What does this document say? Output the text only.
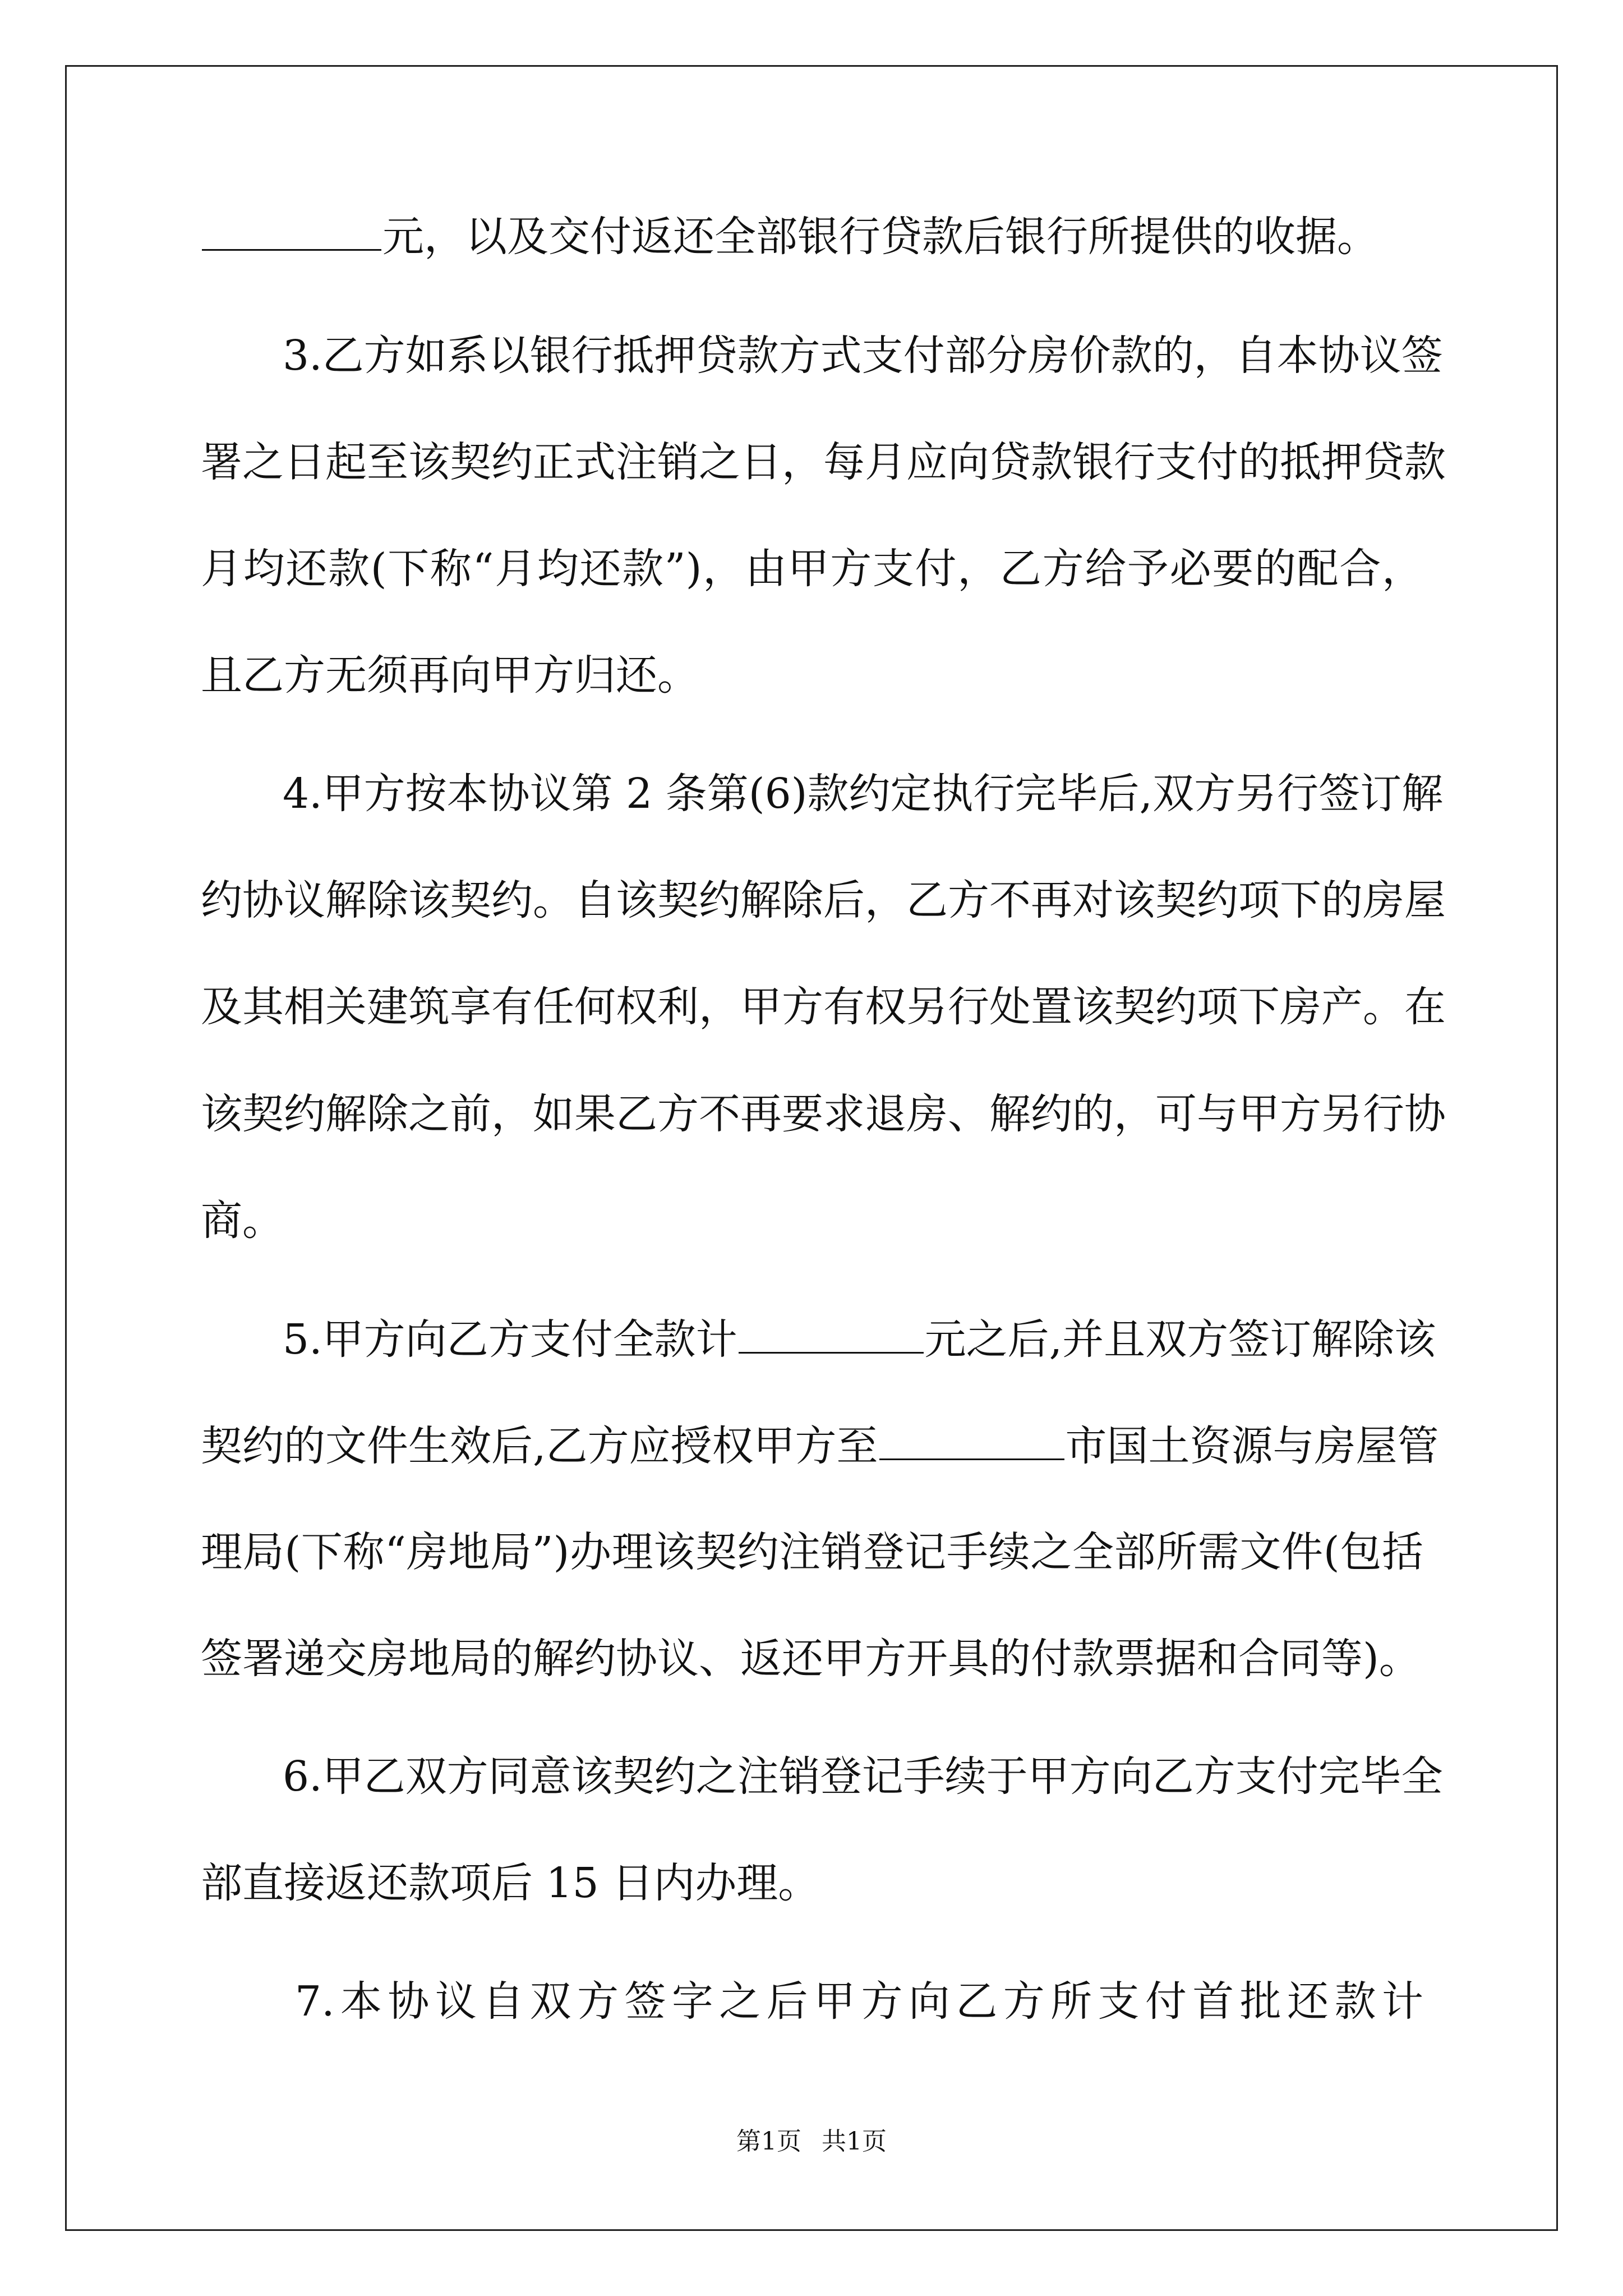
元，以及交付返还全部银行贷款后银行所提供的收据。
3.乙方如系以银行抵押贷款方式支付部分房价款的，自本协议签
署之日起至该契约正式注销之日，每月应向贷款银行支付的抵押贷款
月均还款(下称“月均还款”)，由甲方支付，乙方给予必要的配合，
且乙方无须再向甲方归还。
4.甲方按本协议第 2 条第(6)款约定执行完毕后,双方另行签订解
约协议解除该契约。自该契约解除后，乙方不再对该契约项下的房屋
及其相关建筑享有任何权利，甲方有权另行处置该契约项下房产。在
该契约解除之前，如果乙方不再要求退房、解约的，可与甲方另行协
商。
5.甲方向乙方支付全款计	元之后,并且双方签订解除该
契约的文件生效后,乙方应授权甲方至	市国土资源与房屋管
理局(下称“房地局”)办理该契约注销登记手续之全部所需文件(包括
签署递交房地局的解约协议、返还甲方开具的付款票据和合同等)。
6.甲乙双方同意该契约之注销登记手续于甲方向乙方支付完毕全
部直接返还款项后 15 日内办理。
7.本协议自双方签字之后甲方向乙方所支付首批还款计
第1页 共1页
